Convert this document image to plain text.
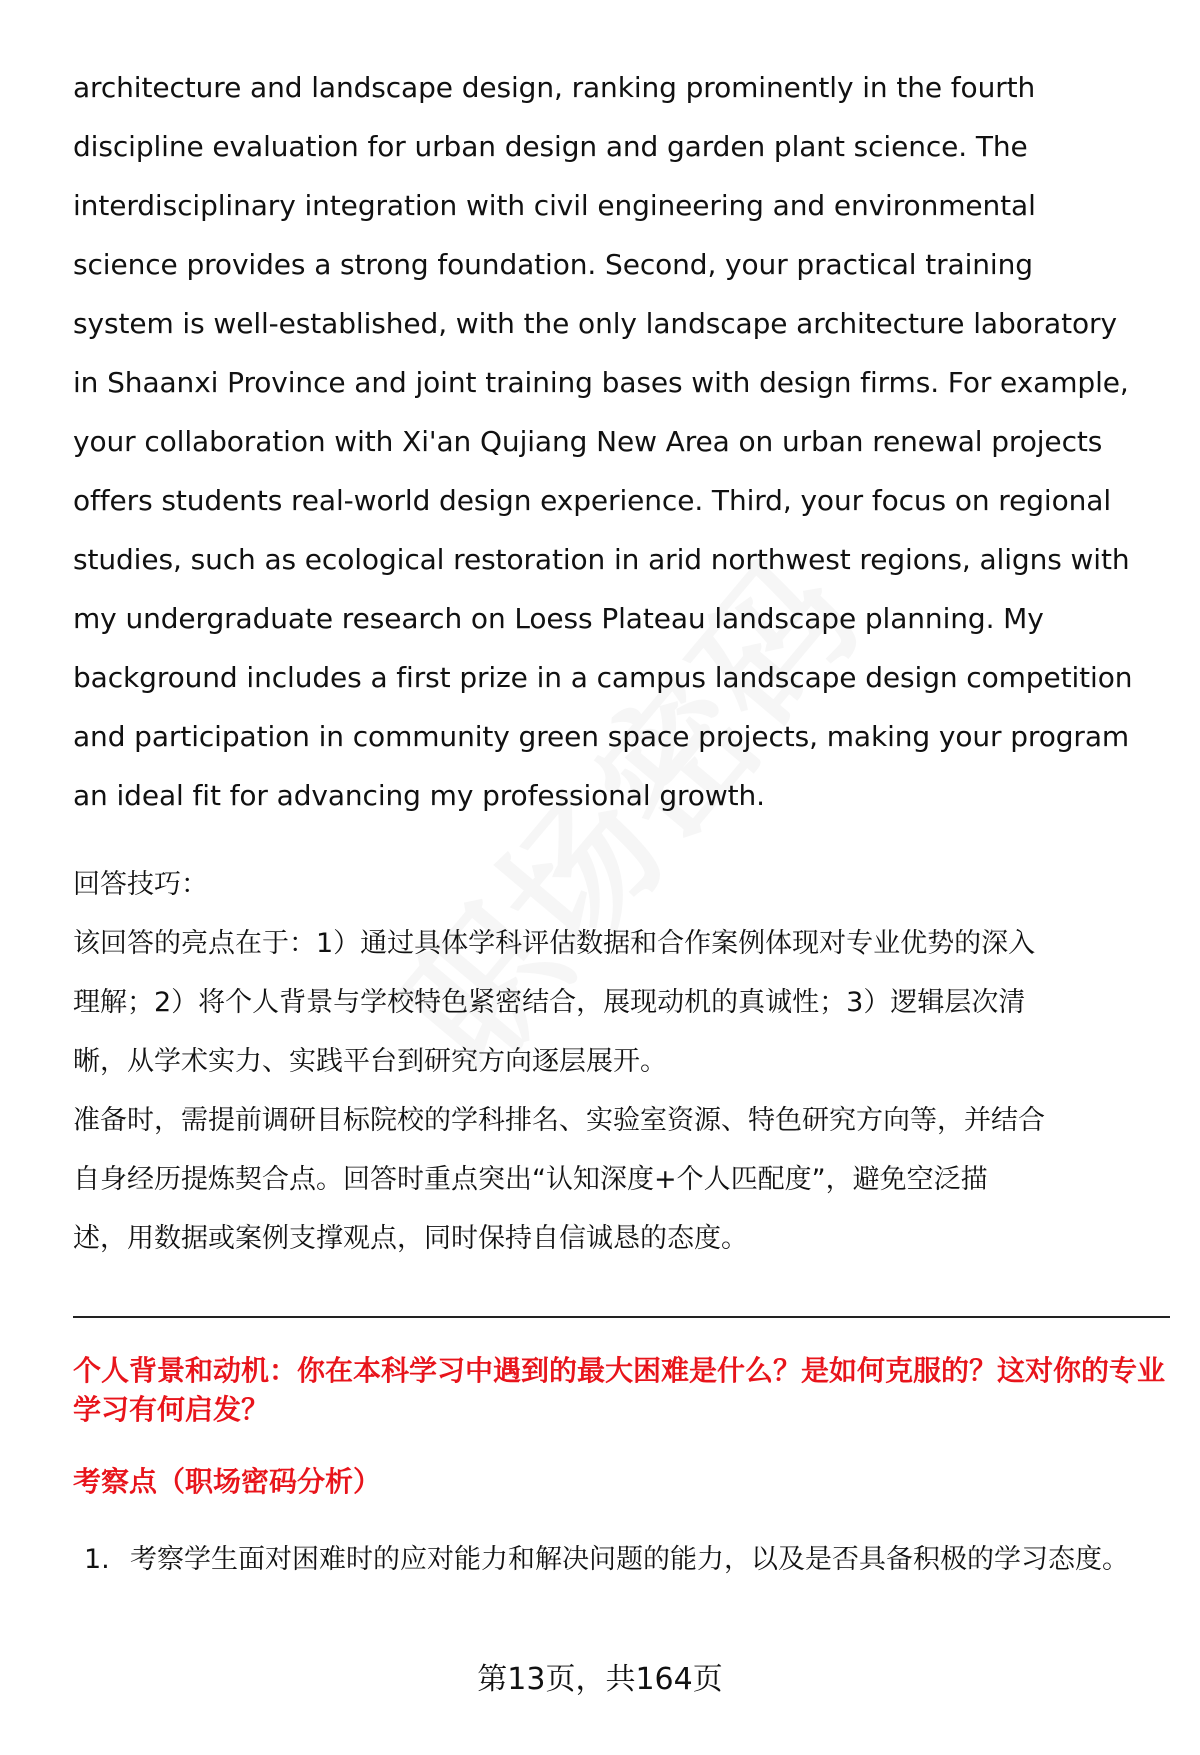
architecture and landscape design, ranking prominently in the fourth

discipline evaluation for urban design and garden plant science. The

interdisciplinary integration with civil engineering and environmental

science provides a strong foundation. Second, your practical training

system is well-established, with the only landscape architecture laboratory

in Shaanxi Province and joint training bases with design firms. For example,

your collaboration with Xi'an Qujiang New Area on urban renewal projects

offers students real-world design experience. Third, your focus on regional

studies, such as ecological restoration in arid northwest regions, aligns with

my undergraduate research on Loess Plateau landscape planning. My

background includes a first prize in a campus landscape design competition

and participation in community green space projects, making your program

an ideal fit for advancing my professional growth.

回答技巧：

该回答的亮点在于：1）通过具体学科评估数据和合作案例体现对专业优势的深入

理解；2）将个人背景与学校特色紧密结合，展现动机的真诚性；3）逻辑层次清

晰，从学术实力、实践平台到研究方向逐层展开。

准备时，需提前调研目标院校的学科排名、实验室资源、特色研究方向等，并结合

自身经历提炼契合点。回答时重点突出“认知深度+个人匹配度”，避免空泛描

述，用数据或案例支撑观点，同时保持自信诚恳的态度。

个人背景和动机：你在本科学习中遇到的最大困难是什么？是如何克服的？这对你的专业学习有何启发？
考察点（职场密码分析）
1. 考察学生面对困难时的应对能力和解决问题的能力，以及是否具备积极的学习态度。
第13页，共164页
